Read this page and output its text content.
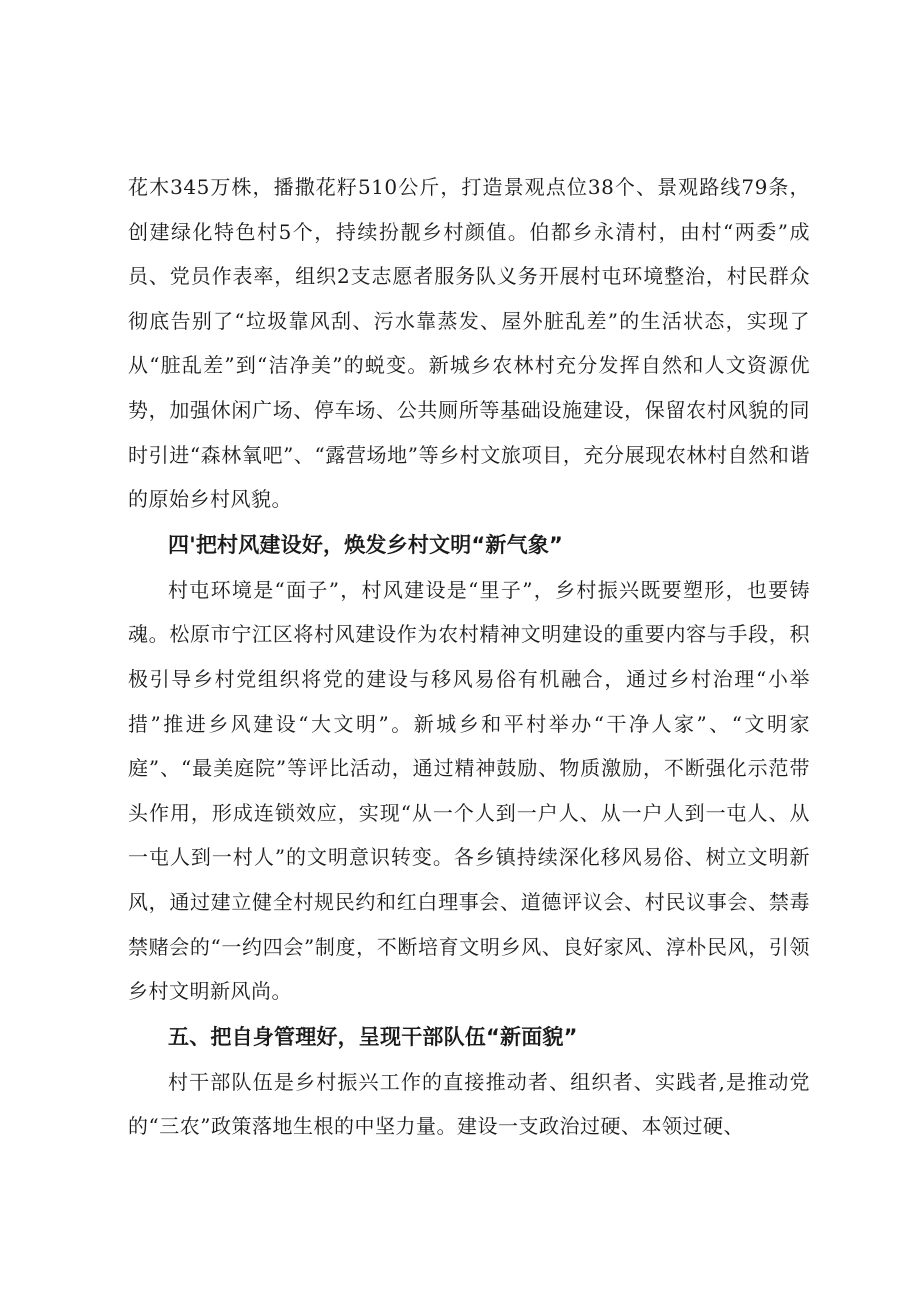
花木345万株，播撒花籽510公斤，打造景观点位38个、景观路线79条，创建绿化特色村5个，持续扮靓乡村颜值。伯都乡永清村，由村“两委”成员、党员作表率，组织2支志愿者服务队义务开展村屯环境整治，村民群众彻底告别了“垃圾靠风刮、污水靠蒸发、屋外脏乱差”的生活状态，实现了从“脏乱差”到“洁净美”的蜕变。新城乡农林村充分发挥自然和人文资源优势，加强休闲广场、停车场、公共厕所等基础设施建设，保留农村风貌的同时引进“森林氧吧”、“露营场地”等乡村文旅项目，充分展现农林村自然和谐的原始乡村风貌。

四'把村风建设好，焕发乡村文明“新气象”

村屯环境是“面子”，村风建设是“里子”，乡村振兴既要塑形，也要铸魂。松原市宁江区将村风建设作为农村精神文明建设的重要内容与手段，积极引导乡村党组织将党的建设与移风易俗有机融合，通过乡村治理“小举措”推进乡风建设“大文明”。新城乡和平村举办“干净人家”、“文明家庭”、“最美庭院”等评比活动，通过精神鼓励、物质激励，不断强化示范带头作用，形成连锁效应，实现“从一个人到一户人、从一户人到一屯人、从一屯人到一村人”的文明意识转变。各乡镇持续深化移风易俗、树立文明新风，通过建立健全村规民约和红白理事会、道德评议会、村民议事会、禁毒禁赌会的“一约四会”制度，不断培育文明乡风、良好家风、淳朴民风，引领乡村文明新风尚。

五、把自身管理好，呈现干部队伍“新面貌”

村干部队伍是乡村振兴工作的直接推动者、组织者、实践者,是推动党的“三农”政策落地生根的中坚力量。建设一支政治过硬、本领过硬、
